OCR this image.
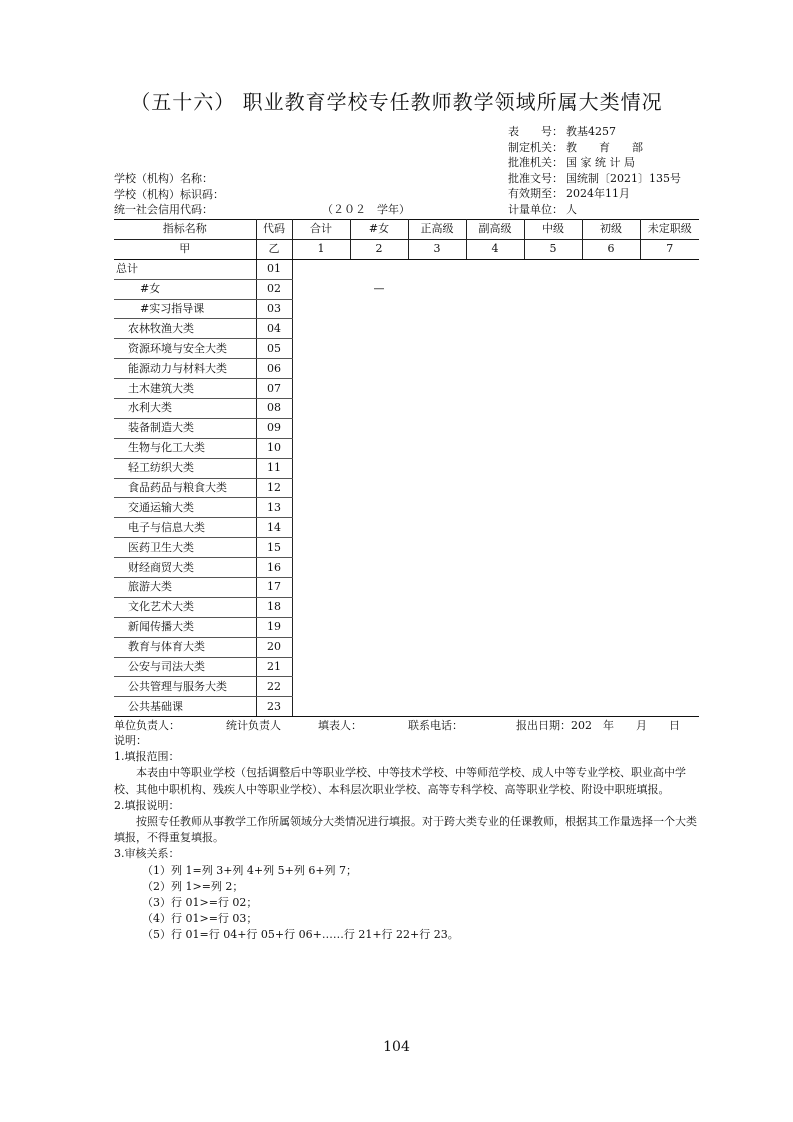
（五十六） 职业教育学校专任教师教学领域所属大类情况
表　　号： 教基4257
制定机关： 教　　育　　部
批准机关： 国 家 统 计 局
批准文号： 国统制〔2021〕135号
有效期至： 2024年11月
计量单位： 人
学校（机构）名称：
学校（机构）标识码：
统一社会信用代码：	（２０２　学年）
指标名称	代码	合计	#女	正高级	副高级	中级	初级	未定职级
甲	乙	1	2	3	4	5	6	7
总计	01							
#女	02		—					
#实习指导课	03							
农林牧渔大类	04							
资源环境与安全大类	05							
能源动力与材料大类	06							
土木建筑大类	07							
水利大类	08							
装备制造大类	09							
生物与化工大类	10							
轻工纺织大类	11							
食品药品与粮食大类	12							
交通运输大类	13							
电子与信息大类	14							
医药卫生大类	15							
财经商贸大类	16							
旅游大类	17							
文化艺术大类	18							
新闻传播大类	19							
教育与体育大类	20							
公安与司法大类	21							
公共管理与服务大类	22							
公共基础课	23							
单位负责人：	统计负责人	填表人：	联系电话：	报出日期：202　年　　月　　日

说明：

1.填报范围：

本表由中等职业学校（包括调整后中等职业学校、中等技术学校、中等师范学校、成人中等专业学校、职业高中学校、其他中职机构、残疾人中等职业学校）、本科层次职业学校、高等专科学校、高等职业学校、附设中职班填报。

2.填报说明：

按照专任教师从事教学工作所属领域分大类情况进行填报。对于跨大类专业的任课教师，根据其工作量选择一个大类填报，不得重复填报。

3.审核关系：

（1）列 1=列 3+列 4+列 5+列 6+列 7；

（2）列 1>=列 2；

（3）行 01>=行 02；

（4）行 01>=行 03；

（5）行 01=行 04+行 05+行 06+……行 21+行 22+行 23。

104
